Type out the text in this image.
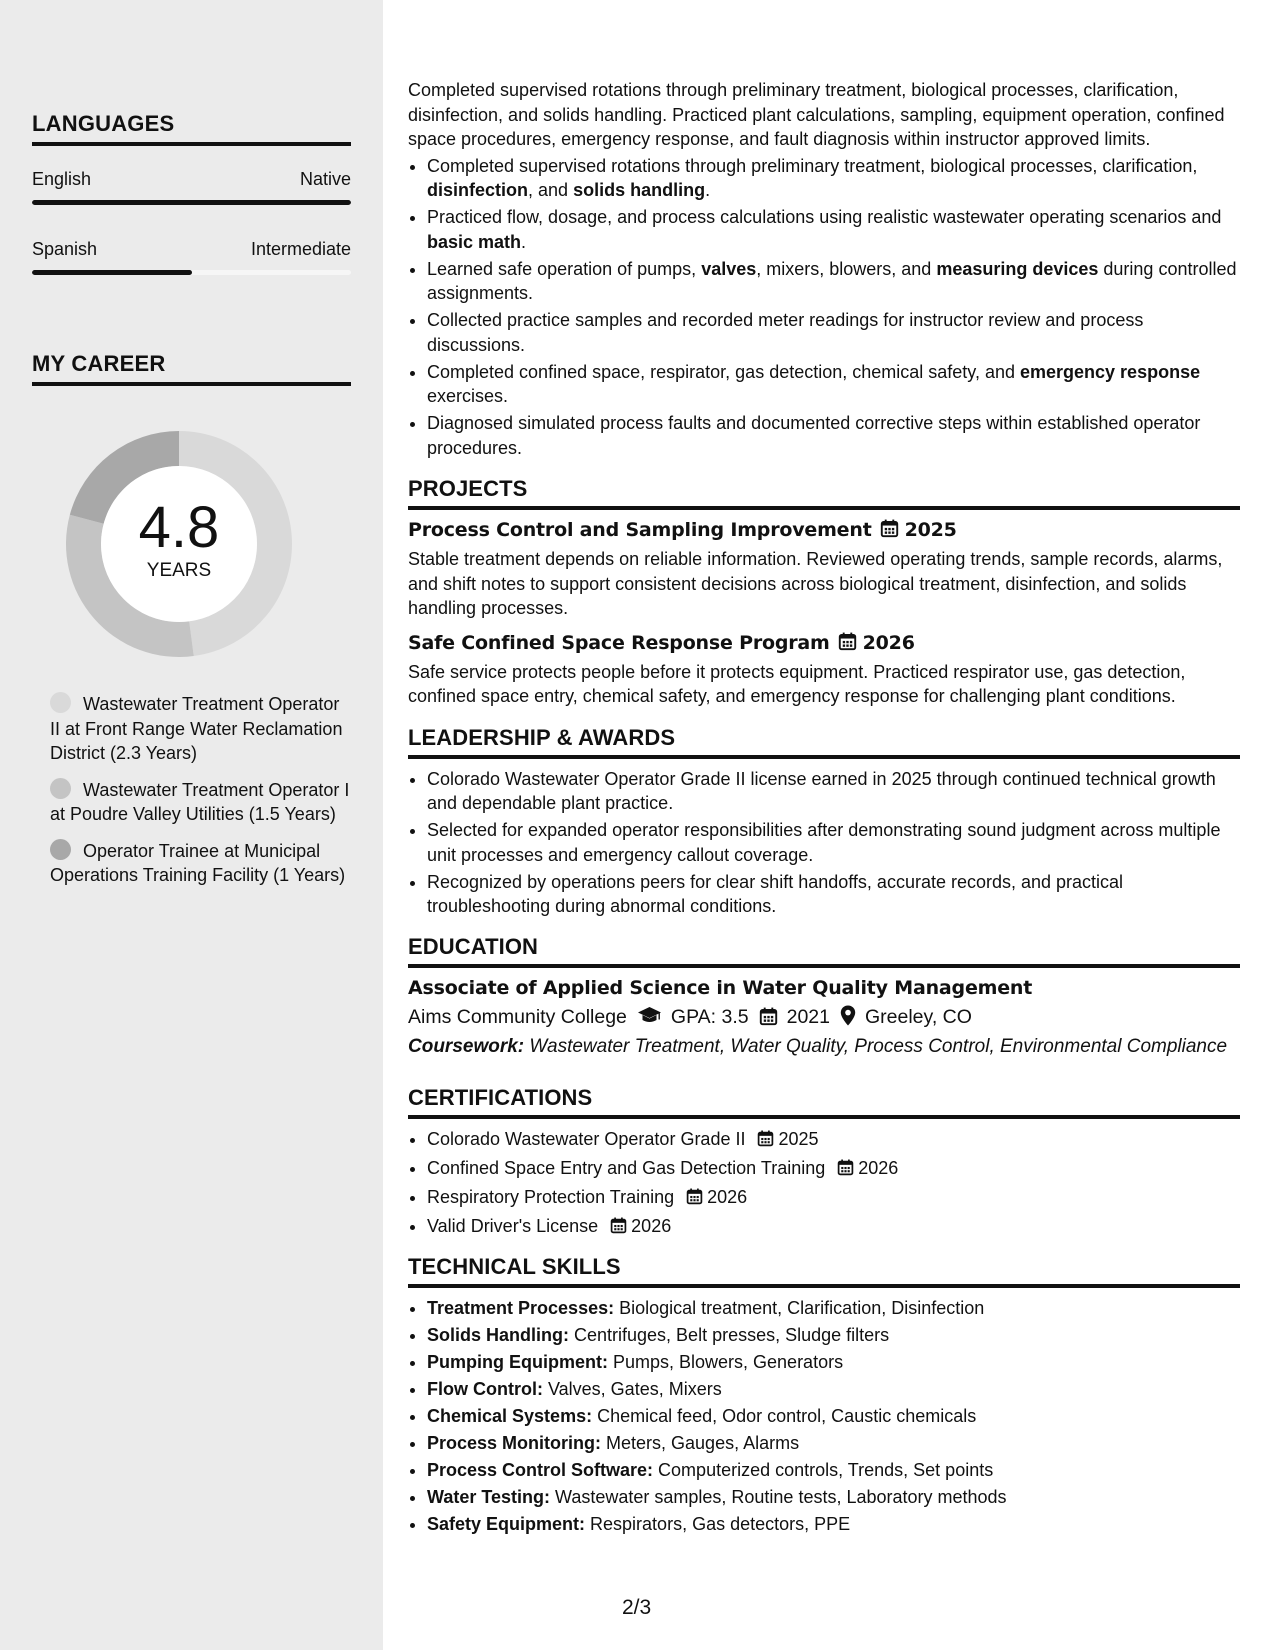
LANGUAGES
English	Native
Spanish	Intermediate
MY CAREER
4.8
YEARS
Wastewater Treatment Operator II at Front Range Water Reclamation District (2.3 Years)
Wastewater Treatment Operator I at Poudre Valley Utilities (1.5 Years)
Operator Trainee at Municipal Operations Training Facility (1 Years)

Completed supervised rotations through preliminary treatment, biological processes, clarification, disinfection, and solids handling. Practiced plant calculations, sampling, equipment operation, confined space procedures, emergency response, and fault diagnosis within instructor approved limits.

• Completed supervised rotations through preliminary treatment, biological processes, clarification, disinfection, and solids handling.
• Practiced flow, dosage, and process calculations using realistic wastewater operating scenarios and basic math.
• Learned safe operation of pumps, valves, mixers, blowers, and measuring devices during controlled assignments.
• Collected practice samples and recorded meter readings for instructor review and process discussions.
• Completed confined space, respirator, gas detection, chemical safety, and emergency response exercises.
• Diagnosed simulated process faults and documented corrective steps within established operator procedures.
PROJECTS
Process Control and Sampling Improvement 2025

Stable treatment depends on reliable information. Reviewed operating trends, sample records, alarms, and shift notes to support consistent decisions across biological treatment, disinfection, and solids handling processes.

Safe Confined Space Response Program 2026

Safe service protects people before it protects equipment. Practiced respirator use, gas detection, confined space entry, chemical safety, and emergency response for challenging plant conditions.

LEADERSHIP & AWARDS
• Colorado Wastewater Operator Grade II license earned in 2025 through continued technical growth and dependable plant practice.
• Selected for expanded operator responsibilities after demonstrating sound judgment across multiple unit processes and emergency callout coverage.
• Recognized by operations peers for clear shift handoffs, accurate records, and practical troubleshooting during abnormal conditions.
EDUCATION
Associate of Applied Science in Water Quality Management
Aims Community College GPA: 3.5 2021 Greeley, CO

Coursework: Wastewater Treatment, Water Quality, Process Control, Environmental Compliance

CERTIFICATIONS
• Colorado Wastewater Operator Grade II 2025
• Confined Space Entry and Gas Detection Training 2026
• Respiratory Protection Training 2026
• Valid Driver's License 2026
TECHNICAL SKILLS
• Treatment Processes: Biological treatment, Clarification, Disinfection
• Solids Handling: Centrifuges, Belt presses, Sludge filters
• Pumping Equipment: Pumps, Blowers, Generators
• Flow Control: Valves, Gates, Mixers
• Chemical Systems: Chemical feed, Odor control, Caustic chemicals
• Process Monitoring: Meters, Gauges, Alarms
• Process Control Software: Computerized controls, Trends, Set points
• Water Testing: Wastewater samples, Routine tests, Laboratory methods
• Safety Equipment: Respirators, Gas detectors, PPE
2/3
